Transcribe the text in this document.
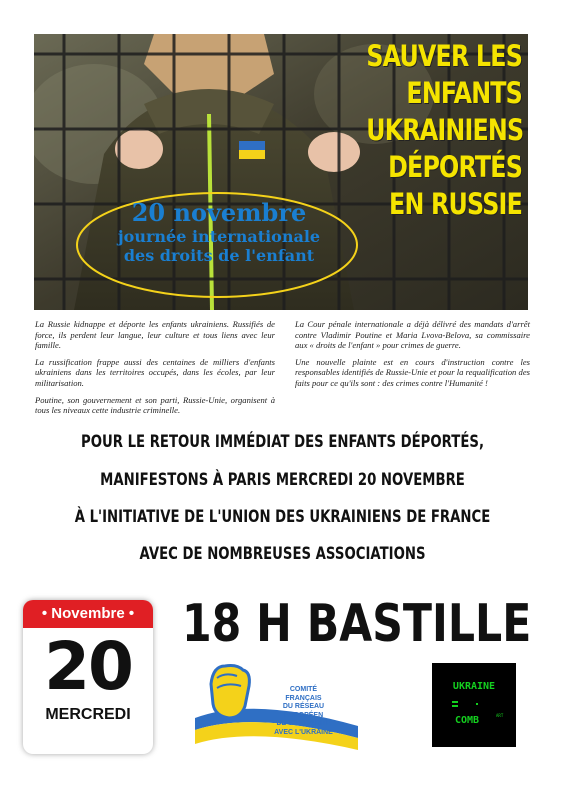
SAUVER LES
ENFANTS
UKRAINIENS
DÉPORTÉS
EN RUSSIE
20 novembre
journée internationale
des droits de l'enfant

La Russie kidnappe et déporte les enfants ukrainiens. Russifiés de force, ils perdent leur langue, leur culture et tous liens avec leur famille.

La russification frappe aussi des centaines de milliers d'enfants ukrainiens dans les territoires occupés, dans les écoles, par leur militarisation.

Poutine, son gouvernement et son parti, Russie-Unie, organisent à tous les niveaux cette industrie criminelle.

La Cour pénale internationale a déjà délivré des mandats d'arrêt contre Vladimir Poutine et Maria Lvova-Belova, sa commissaire aux « droits de l'enfant » pour crimes de guerre.

Une nouvelle plainte est en cours d'instruction contre les responsables identifiés de Russie-Unie et pour la requalification des faits pour ce qu'ils sont : des crimes contre l'Humanité !

POUR LE RETOUR IMMÉDIAT DES ENFANTS DÉPORTÉS,
MANIFESTONS À PARIS MERCREDI 20 NOVEMBRE
À L'INITIATIVE DE L'UNION DES UKRAINIENS DE FRANCE
AVEC DE NOMBREUSES ASSOCIATIONS
• Novembre •
20
MERCREDI
18 H BASTILLE
COMITÉ
FRANÇAIS
DU RÉSEAU
EUROPÉEN
DE SOLIDARITÉ
AVEC L'UKRAINE
UKRAINE
COMB	ART
